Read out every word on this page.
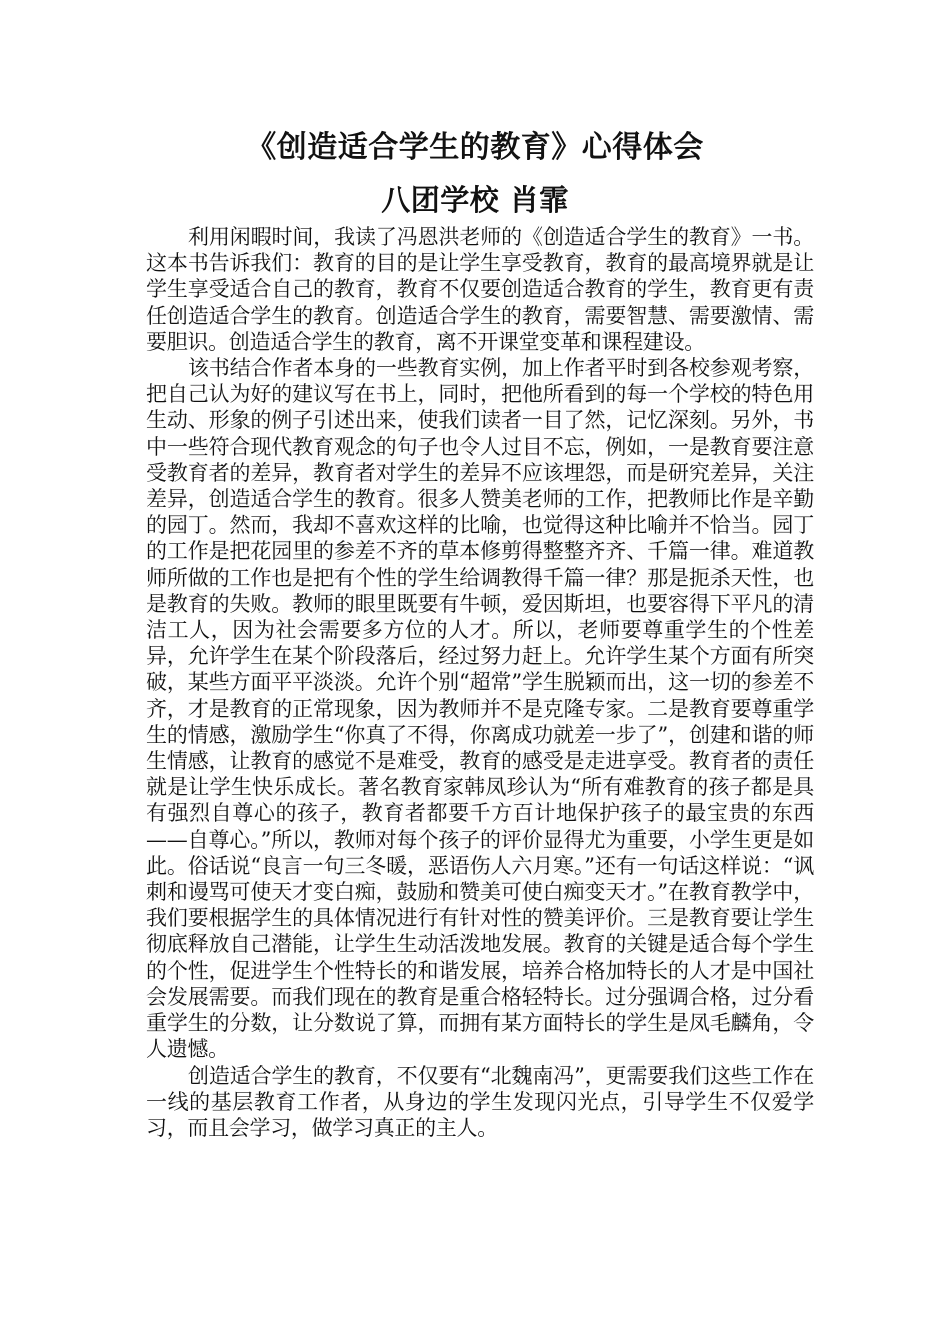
《创造适合学生的教育》心得体会
八团学校 肖霏

利用闲暇时间，我读了冯恩洪老师的《创造适合学生的教育》一书。这本书告诉我们：教育的目的是让学生享受教育，教育的最高境界就是让学生享受适合自己的教育，教育不仅要创造适合教育的学生，教育更有责任创造适合学生的教育。创造适合学生的教育，需要智慧、需要激情、需要胆识。创造适合学生的教育，离不开课堂变革和课程建设。

该书结合作者本身的一些教育实例，加上作者平时到各校参观考察，把自己认为好的建议写在书上，同时，把他所看到的每一个学校的特色用生动、形象的例子引述出来，使我们读者一目了然，记忆深刻。另外，书中一些符合现代教育观念的句子也令人过目不忘，例如，一是教育要注意受教育者的差异，教育者对学生的差异不应该埋怨，而是研究差异，关注差异，创造适合学生的教育。很多人赞美老师的工作，把教师比作是辛勤的园丁。然而，我却不喜欢这样的比喻，也觉得这种比喻并不恰当。园丁的工作是把花园里的参差不齐的草本修剪得整整齐齐、千篇一律。难道教师所做的工作也是把有个性的学生给调教得千篇一律？那是扼杀天性，也是教育的失败。教师的眼里既要有牛顿，爱因斯坦，也要容得下平凡的清洁工人，因为社会需要多方位的人才。所以，老师要尊重学生的个性差异，允许学生在某个阶段落后，经过努力赶上。允许学生某个方面有所突破，某些方面平平淡淡。允许个别“超常”学生脱颖而出，这一切的参差不齐，才是教育的正常现象，因为教师并不是克隆专家。二是教育要尊重学生的情感，激励学生“你真了不得，你离成功就差一步了”，创建和谐的师生情感，让教育的感觉不是难受，教育的感受是走进享受。教育者的责任就是让学生快乐成长。著名教育家韩凤珍认为“所有难教育的孩子都是具有强烈自尊心的孩子，教育者都要千方百计地保护孩子的最宝贵的东西——自尊心。”所以，教师对每个孩子的评价显得尤为重要，小学生更是如此。俗话说“良言一句三冬暖，恶语伤人六月寒。”还有一句话这样说：“讽刺和谩骂可使天才变白痴，鼓励和赞美可使白痴变天才。”在教育教学中，我们要根据学生的具体情况进行有针对性的赞美评价。三是教育要让学生彻底释放自己潜能，让学生生动活泼地发展。教育的关键是适合每个学生的个性，促进学生个性特长的和谐发展，培养合格加特长的人才是中国社会发展需要。而我们现在的教育是重合格轻特长。过分强调合格，过分看重学生的分数，让分数说了算，而拥有某方面特长的学生是凤毛麟角，令人遗憾。

创造适合学生的教育，不仅要有“北魏南冯”，更需要我们这些工作在一线的基层教育工作者，从身边的学生发现闪光点，引导学生不仅爱学习，而且会学习，做学习真正的主人。
